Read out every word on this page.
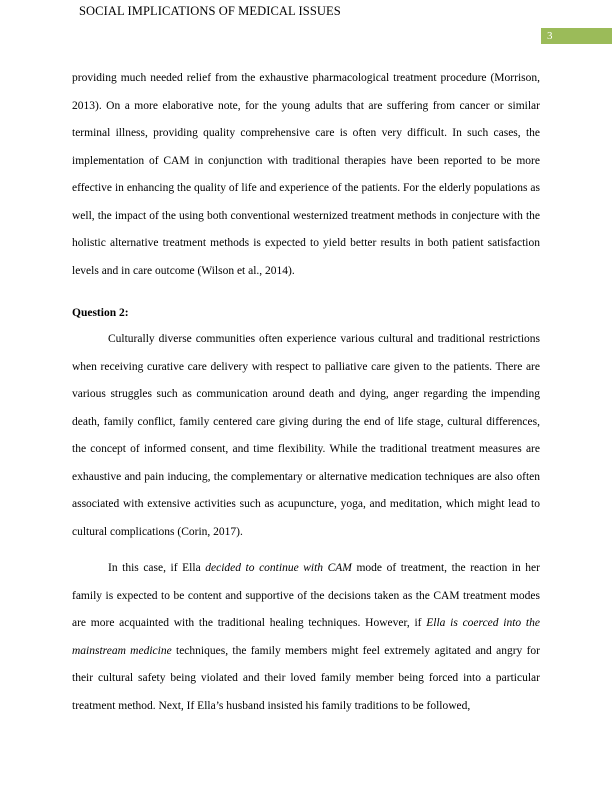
SOCIAL IMPLICATIONS OF MEDICAL ISSUES
3

providing much needed relief from the exhaustive pharmacological treatment procedure (Morrison, 2013). On a more elaborative note, for the young adults that are suffering from cancer or similar terminal illness, providing quality comprehensive care is often very difficult. In such cases, the implementation of CAM in conjunction with traditional therapies have been reported to be more effective in enhancing the quality of life and experience of the patients. For the elderly populations as well, the impact of the using both conventional westernized treatment methods in conjecture with the holistic alternative treatment methods is expected to yield better results in both patient satisfaction levels and in care outcome (Wilson et al., 2014).

Question 2:

Culturally diverse communities often experience various cultural and traditional restrictions when receiving curative care delivery with respect to palliative care given to the patients. There are various struggles such as communication around death and dying, anger regarding the impending death, family conflict, family centered care giving during the end of life stage, cultural differences, the concept of informed consent, and time flexibility. While the traditional treatment measures are exhaustive and pain inducing, the complementary or alternative medication techniques are also often associated with extensive activities such as acupuncture, yoga, and meditation, which might lead to cultural complications (Corin, 2017).

In this case, if Ella decided to continue with CAM mode of treatment, the reaction in her family is expected to be content and supportive of the decisions taken as the CAM treatment modes are more acquainted with the traditional healing techniques. However, if Ella is coerced into the mainstream medicine techniques, the family members might feel extremely agitated and angry for their cultural safety being violated and their loved family member being forced into a particular treatment method. Next, If Ella’s husband insisted his family traditions to be followed,
